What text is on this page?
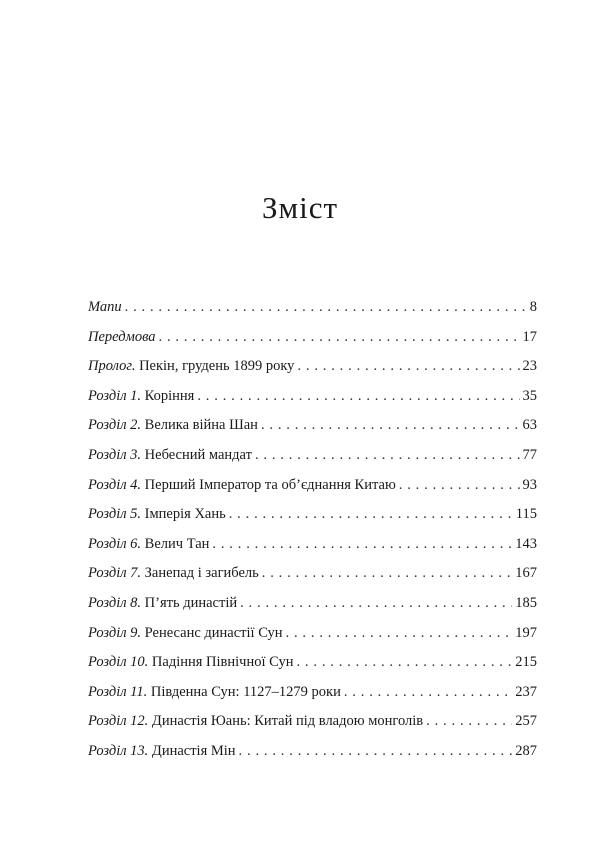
Зміст
Мапи . . .	8
Передмова . . .	17
Пролог. Пекін, грудень 1899 року . . .	23
Розділ 1. Коріння . . .	35
Розділ 2. Велика війна Шан . . .	63
Розділ 3. Небесний мандат . . .	77
Розділ 4. Перший Імператор та об’єднання Китаю . . .	93
Розділ 5. Імперія Хань . . .	115
Розділ 6. Велич Тан . . .	143
Розділ 7. Занепад і загибель . . .	167
Розділ 8. П’ять династій . . .	185
Розділ 9. Ренесанс династії Сун . . .	197
Розділ 10. Падіння Північної Сун . . .	215
Розділ 11. Південна Сун: 1127–1279 роки . . .	237
Розділ 12. Династія Юань: Китай під владою монголів . . .	257
Розділ 13. Династія Мін . . .	287
